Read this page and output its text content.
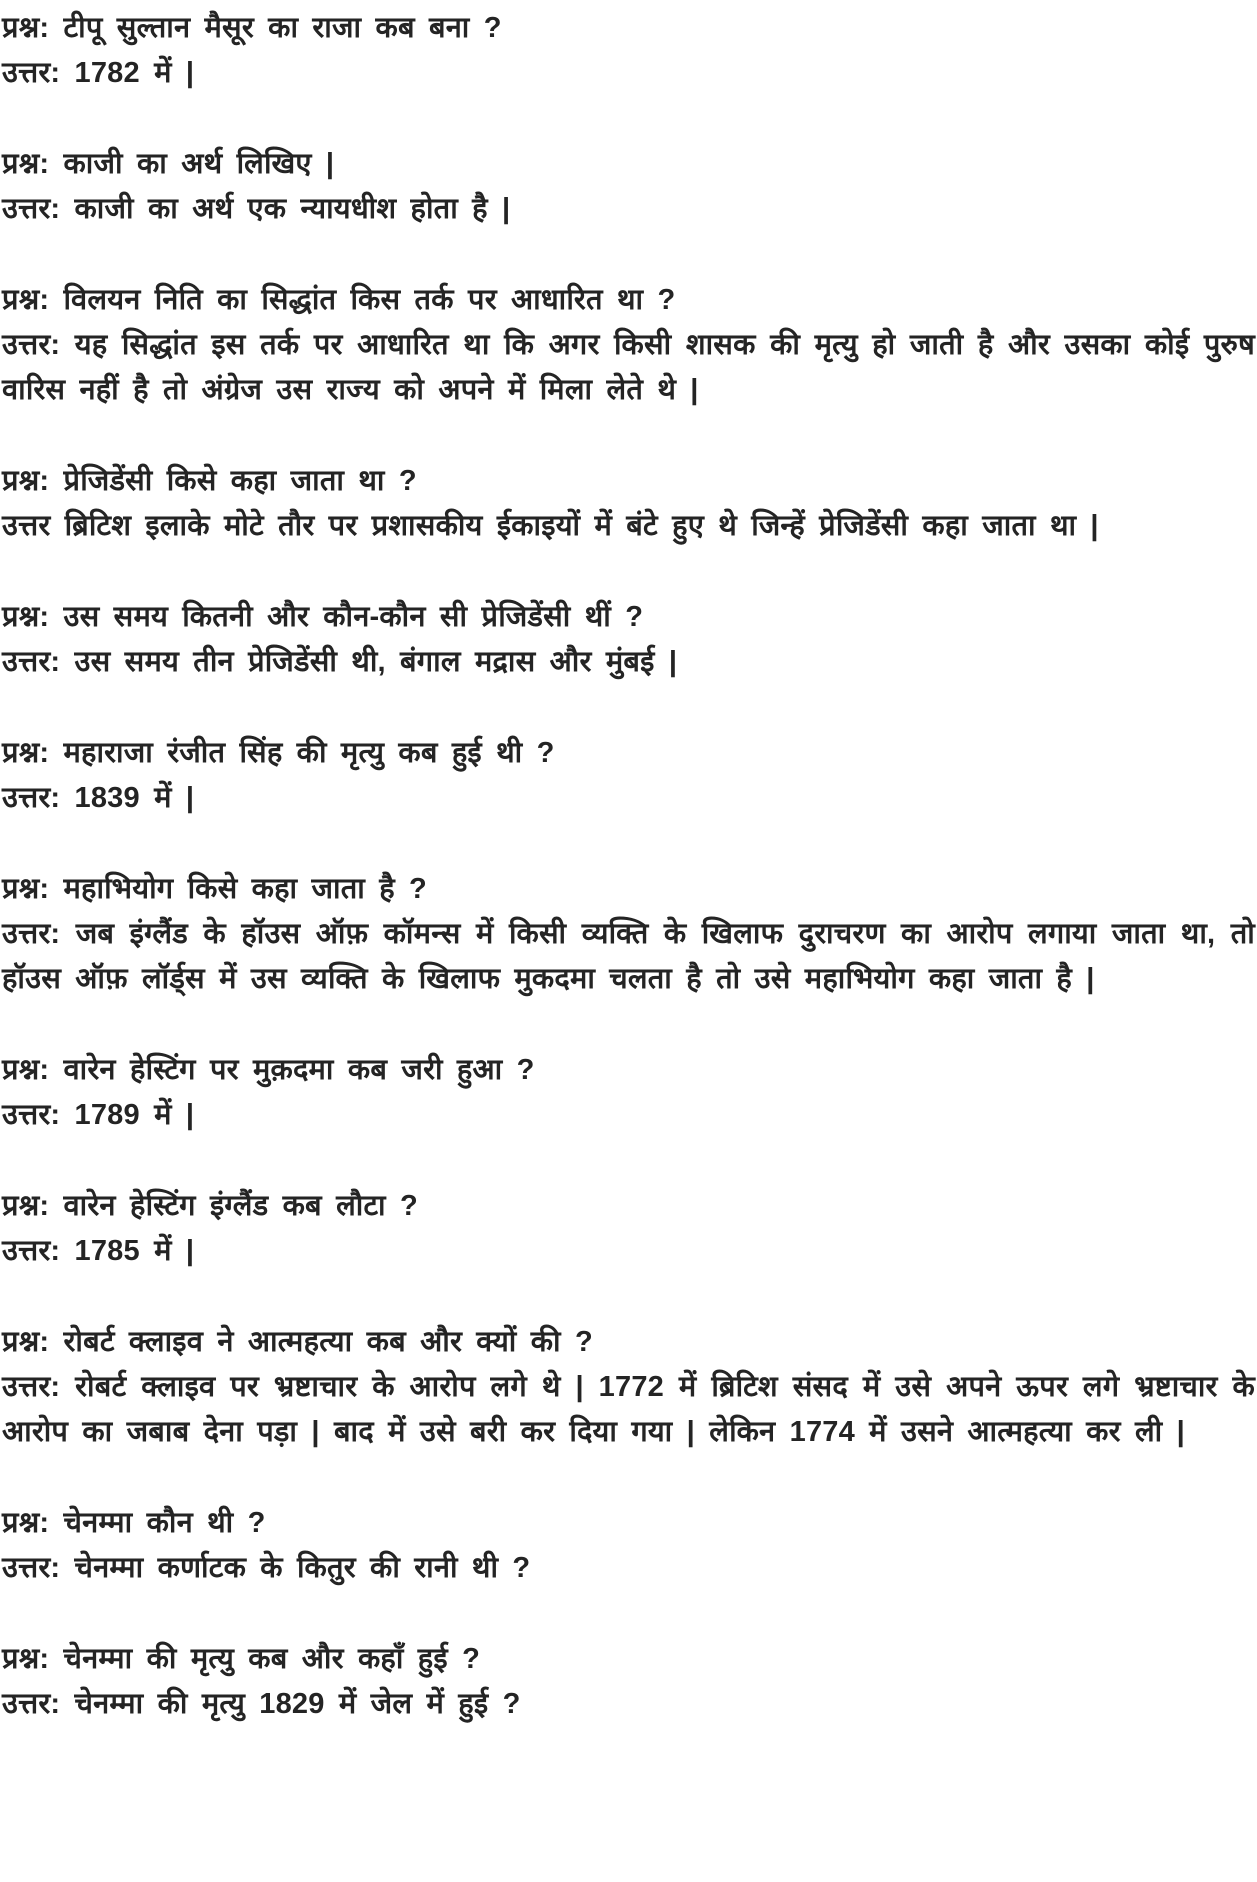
प्रश्न: टीपू सुल्तान मैसूर का राजा कब बना ?

उत्तर: 1782 में |

प्रश्न: काजी का अर्थ लिखिए |

उत्तर: काजी का अर्थ एक न्यायधीश होता है |

प्रश्न: विलयन निति का सिद्धांत किस तर्क पर आधारित था ?

उत्तर: यह सिद्धांत इस तर्क पर आधारित था कि अगर किसी शासक की मृत्यु हो जाती है और उसका कोई पुरुष वारिस नहीं है तो अंग्रेज उस राज्य को अपने में मिला लेते थे |

प्रश्न: प्रेजिडेंसी किसे कहा जाता था ?

उत्तर ब्रिटिश इलाके मोटे तौर पर प्रशासकीय ईकाइयों में बंटे हुए थे जिन्हें प्रेजिडेंसी कहा जाता था |

प्रश्न: उस समय कितनी और कौन-कौन सी प्रेजिडेंसी थीं ?

उत्तर: उस समय तीन प्रेजिडेंसी थी, बंगाल मद्रास और मुंबई |

प्रश्न: महाराजा रंजीत सिंह की मृत्यु कब हुई थी ?

उत्तर: 1839 में |

प्रश्न: महाभियोग किसे कहा जाता है ?

उत्तर: जब इंग्लैंड के हॉउस ऑफ़ कॉमन्स में किसी व्यक्ति के खिलाफ दुराचरण का आरोप लगाया जाता था, तो हॉउस ऑफ़ लॉर्ड्स में उस व्यक्ति के खिलाफ मुकदमा चलता है तो उसे महाभियोग कहा जाता है |

प्रश्न: वारेन हेस्टिंग पर मुक़दमा कब जरी हुआ ?

उत्तर: 1789 में |

प्रश्न: वारेन हेस्टिंग इंग्लैंड कब लौटा ?

उत्तर: 1785 में |

प्रश्न: रोबर्ट क्लाइव ने आत्महत्या कब और क्यों की ?

उत्तर: रोबर्ट क्लाइव पर भ्रष्टाचार के आरोप लगे थे | 1772 में ब्रिटिश संसद में उसे अपने ऊपर लगे भ्रष्टाचार के आरोप का जबाब देना पड़ा | बाद में उसे बरी कर दिया गया | लेकिन 1774 में उसने आत्महत्या कर ली |

प्रश्न: चेनम्मा कौन थी ?

उत्तर: चेनम्मा कर्णाटक के कितुर की रानी थी ?

प्रश्न: चेनम्मा की मृत्यु कब और कहाँ हुई ?

उत्तर: चेनम्मा की मृत्यु 1829 में जेल में हुई ?
